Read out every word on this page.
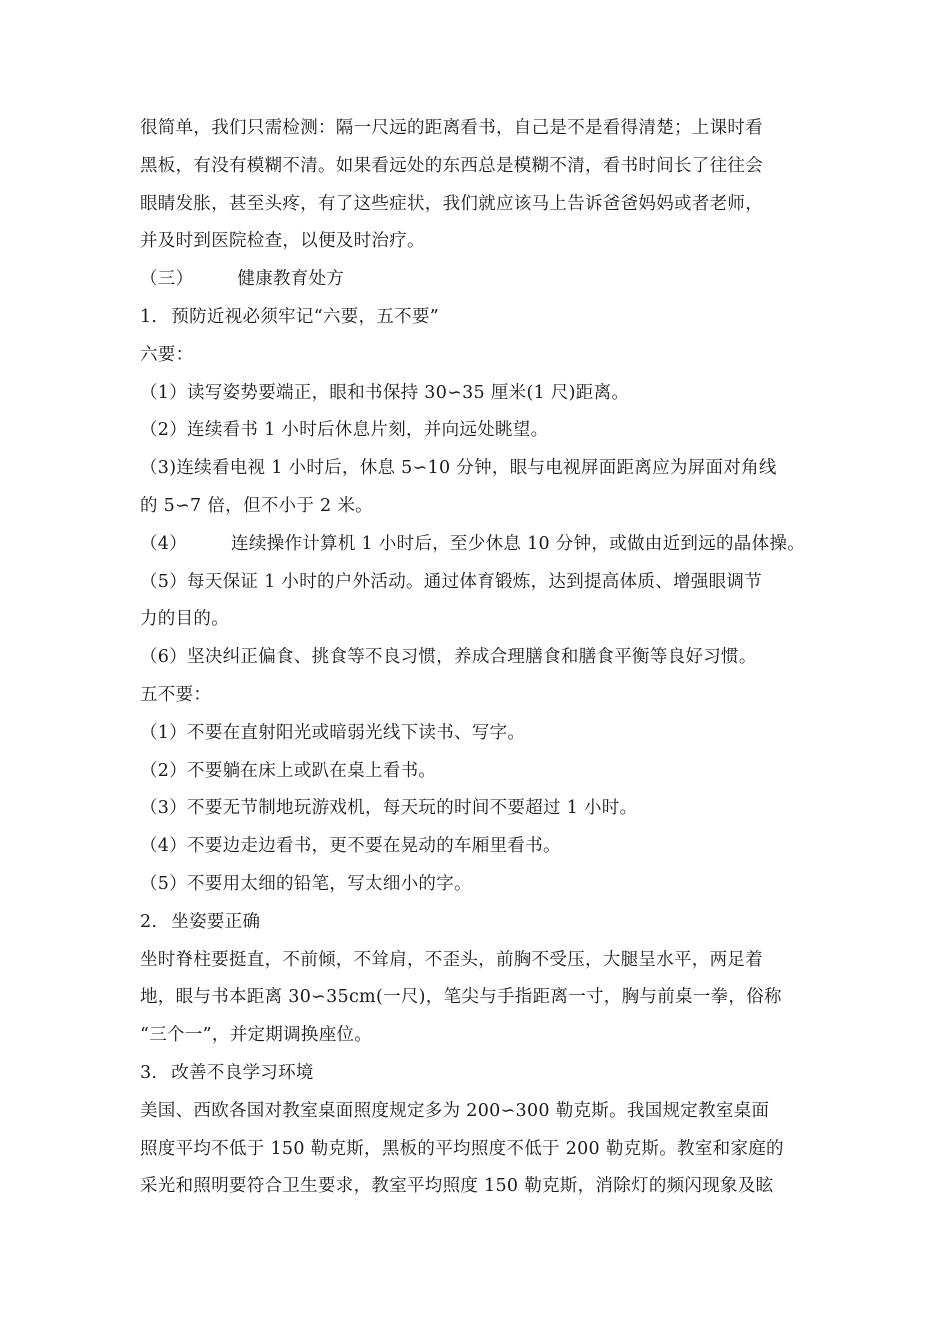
很简单，我们只需检测：隔一尺远的距离看书，自己是不是看得清楚；上课时看

黑板，有没有模糊不清。如果看远处的东西总是模糊不清，看书时间长了往往会

眼睛发胀，甚至头疼，有了这些症状，我们就应该马上告诉爸爸妈妈或者老师，

并及时到医院检查，以便及时治疗。

（三）	健康教育处方

1. 预防近视必须牢记“六要，五不要”

六要：

（1）读写姿势要端正，眼和书保持 30∽35 厘米(1 尺)距离。

（2）连续看书 1 小时后休息片刻，并向远处眺望。

（3)连续看电视 1 小时后，休息 5∽10 分钟，眼与电视屏面距离应为屏面对角线

的 5∽7 倍，但不小于 2 米。

（4）	连续操作计算机 1 小时后，至少休息 10 分钟，或做由近到远的晶体操。

（5）每天保证 1 小时的户外活动。通过体育锻炼，达到提高体质、增强眼调节

力的目的。

（6）坚决纠正偏食、挑食等不良习惯，养成合理膳食和膳食平衡等良好习惯。

五不要：

（1）不要在直射阳光或暗弱光线下读书、写字。

（2）不要躺在床上或趴在桌上看书。

（3）不要无节制地玩游戏机，每天玩的时间不要超过 1 小时。

（4）不要边走边看书，更不要在晃动的车厢里看书。

（5）不要用太细的铅笔，写太细小的字。

2. 坐姿要正确

坐时脊柱要挺直，不前倾，不耸肩，不歪头，前胸不受压，大腿呈水平，两足着

地，眼与书本距离 30∽35cm(一尺)，笔尖与手指距离一寸，胸与前桌一拳，俗称

“三个一”，并定期调换座位。

3. 改善不良学习环境

美国、西欧各国对教室桌面照度规定多为 200∽300 勒克斯。我国规定教室桌面

照度平均不低于 150 勒克斯，黑板的平均照度不低于 200 勒克斯。教室和家庭的

采光和照明要符合卫生要求，教室平均照度 150 勒克斯，消除灯的频闪现象及眩
